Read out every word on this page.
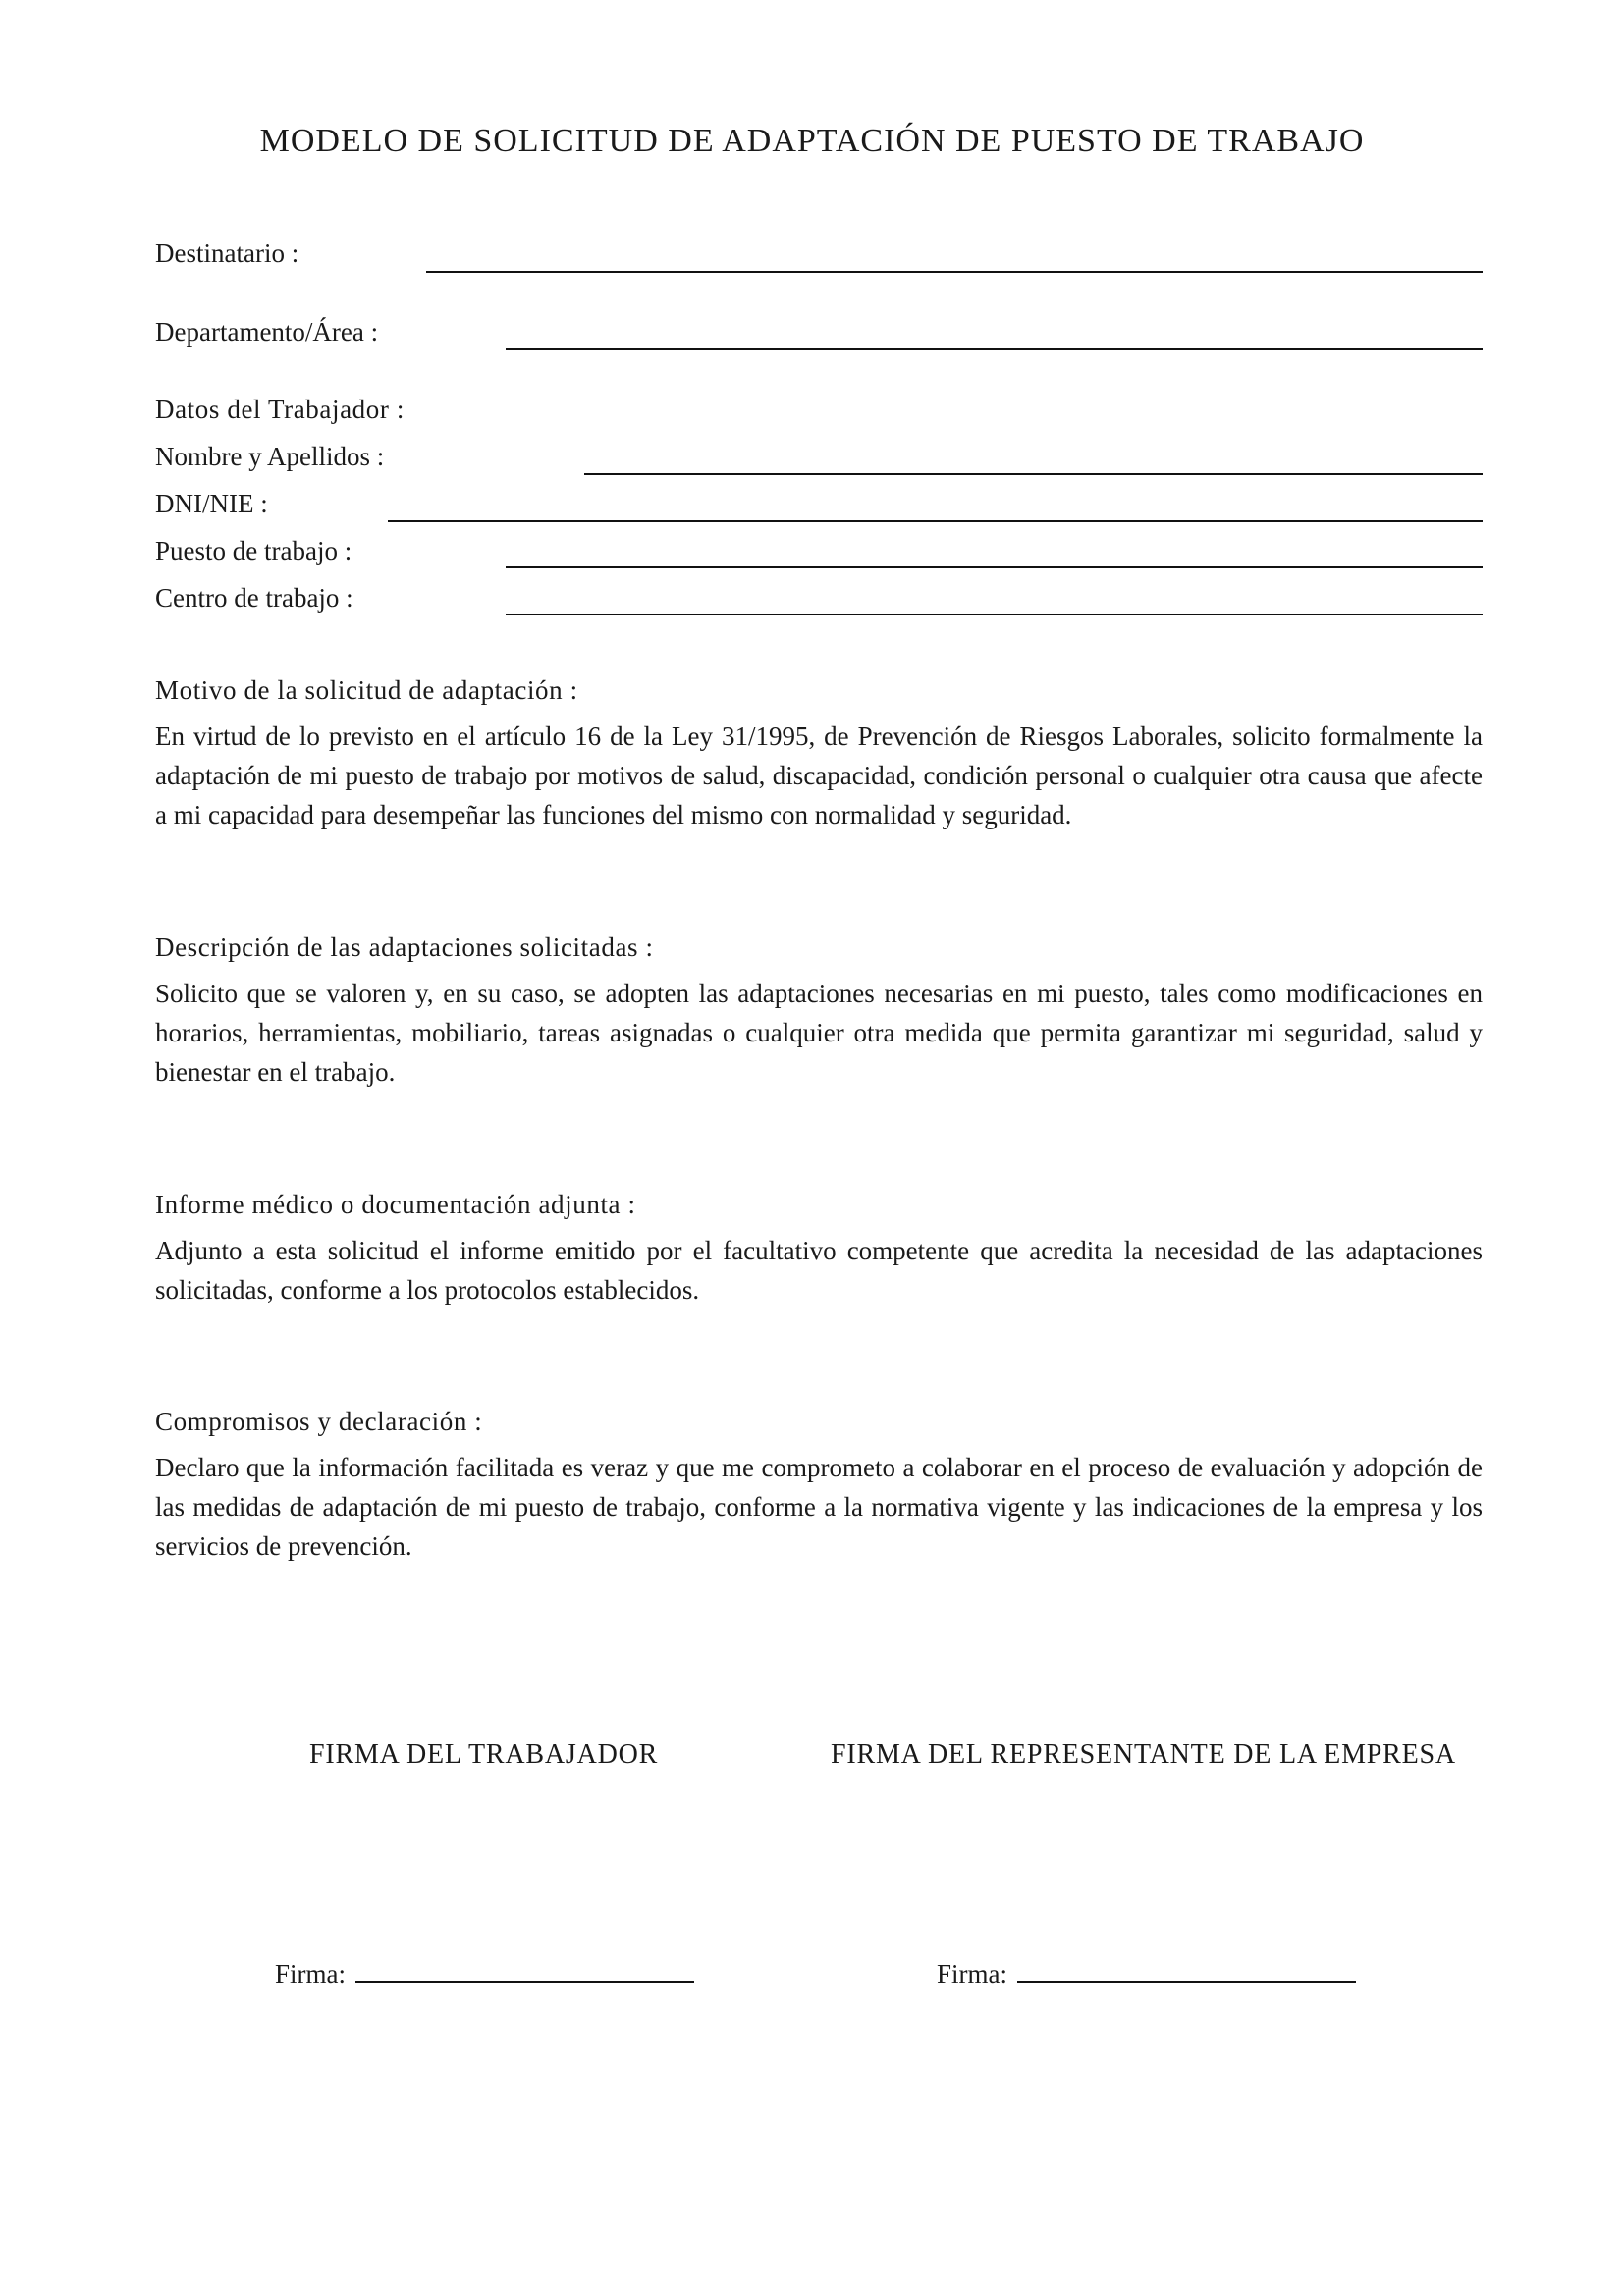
MODELO DE SOLICITUD DE ADAPTACIÓN DE PUESTO DE TRABAJO
Destinatario :
Departamento/Área :
Datos del Trabajador :
Nombre y Apellidos :
DNI/NIE :
Puesto de trabajo :
Centro de trabajo :
Motivo de la solicitud de adaptación :
En virtud de lo previsto en el artículo 16 de la Ley 31/1995, de Prevención de Riesgos Laborales, solicito formalmente la adaptación de mi puesto de trabajo por motivos de salud, discapacidad, condición personal o cualquier otra causa que afecte a mi capacidad para desempeñar las funciones del mismo con normalidad y seguridad.
Descripción de las adaptaciones solicitadas :
Solicito que se valoren y, en su caso, se adopten las adaptaciones necesarias en mi puesto, tales como modificaciones en horarios, herramientas, mobiliario, tareas asignadas o cualquier otra medida que permita garantizar mi seguridad, salud y bienestar en el trabajo.
Informe médico o documentación adjunta :
Adjunto a esta solicitud el informe emitido por el facultativo competente que acredita la necesidad de las adaptaciones solicitadas, conforme a los protocolos establecidos.
Compromisos y declaración :
Declaro que la información facilitada es veraz y que me comprometo a colaborar en el proceso de evaluación y adopción de las medidas de adaptación de mi puesto de trabajo, conforme a la normativa vigente y las indicaciones de la empresa y los servicios de prevención.
FIRMA DEL TRABAJADOR	FIRMA DEL REPRESENTANTE DE LA EMPRESA
Firma:	Firma:
